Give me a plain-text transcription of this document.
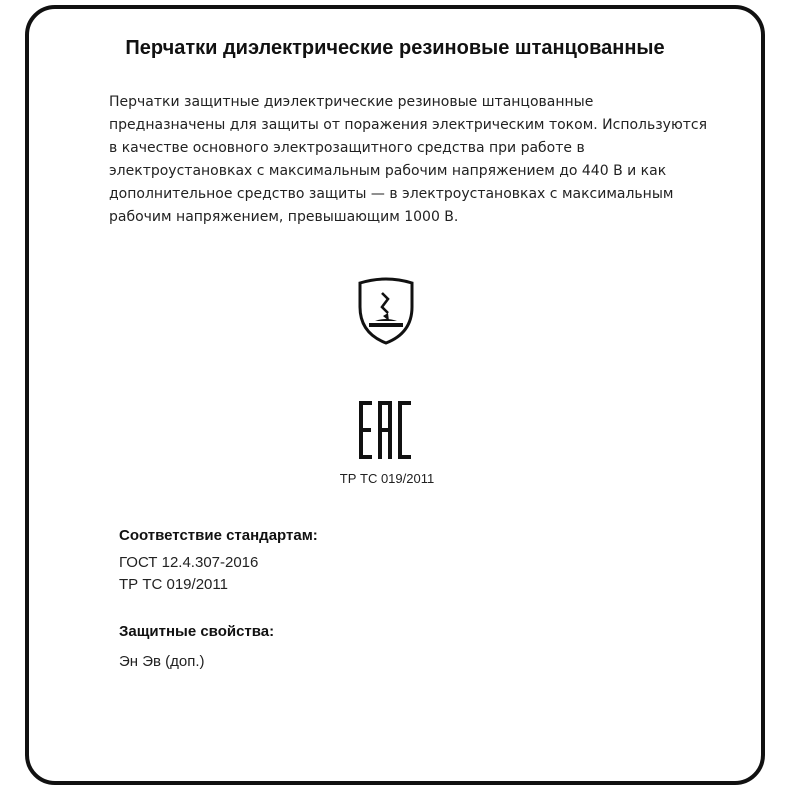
Перчатки диэлектрические резиновые штанцованные

Перчатки защитные диэлектрические резиновые штанцованные предназначены для защиты от поражения электрическим током. Используются в качестве основного электрозащитного средства при работе в электроустановках с максимальным рабочим напряжением до 440 В и как дополнительное средство защиты — в электроустановках с максимальным рабочим напряжением, превышающим 1000 В.

ТР ТС 019/2011

Соответствие стандартам:

ГОСТ 12.4.307-2016

ТР ТС 019/2011

Защитные свойства:

Эн Эв (доп.)
